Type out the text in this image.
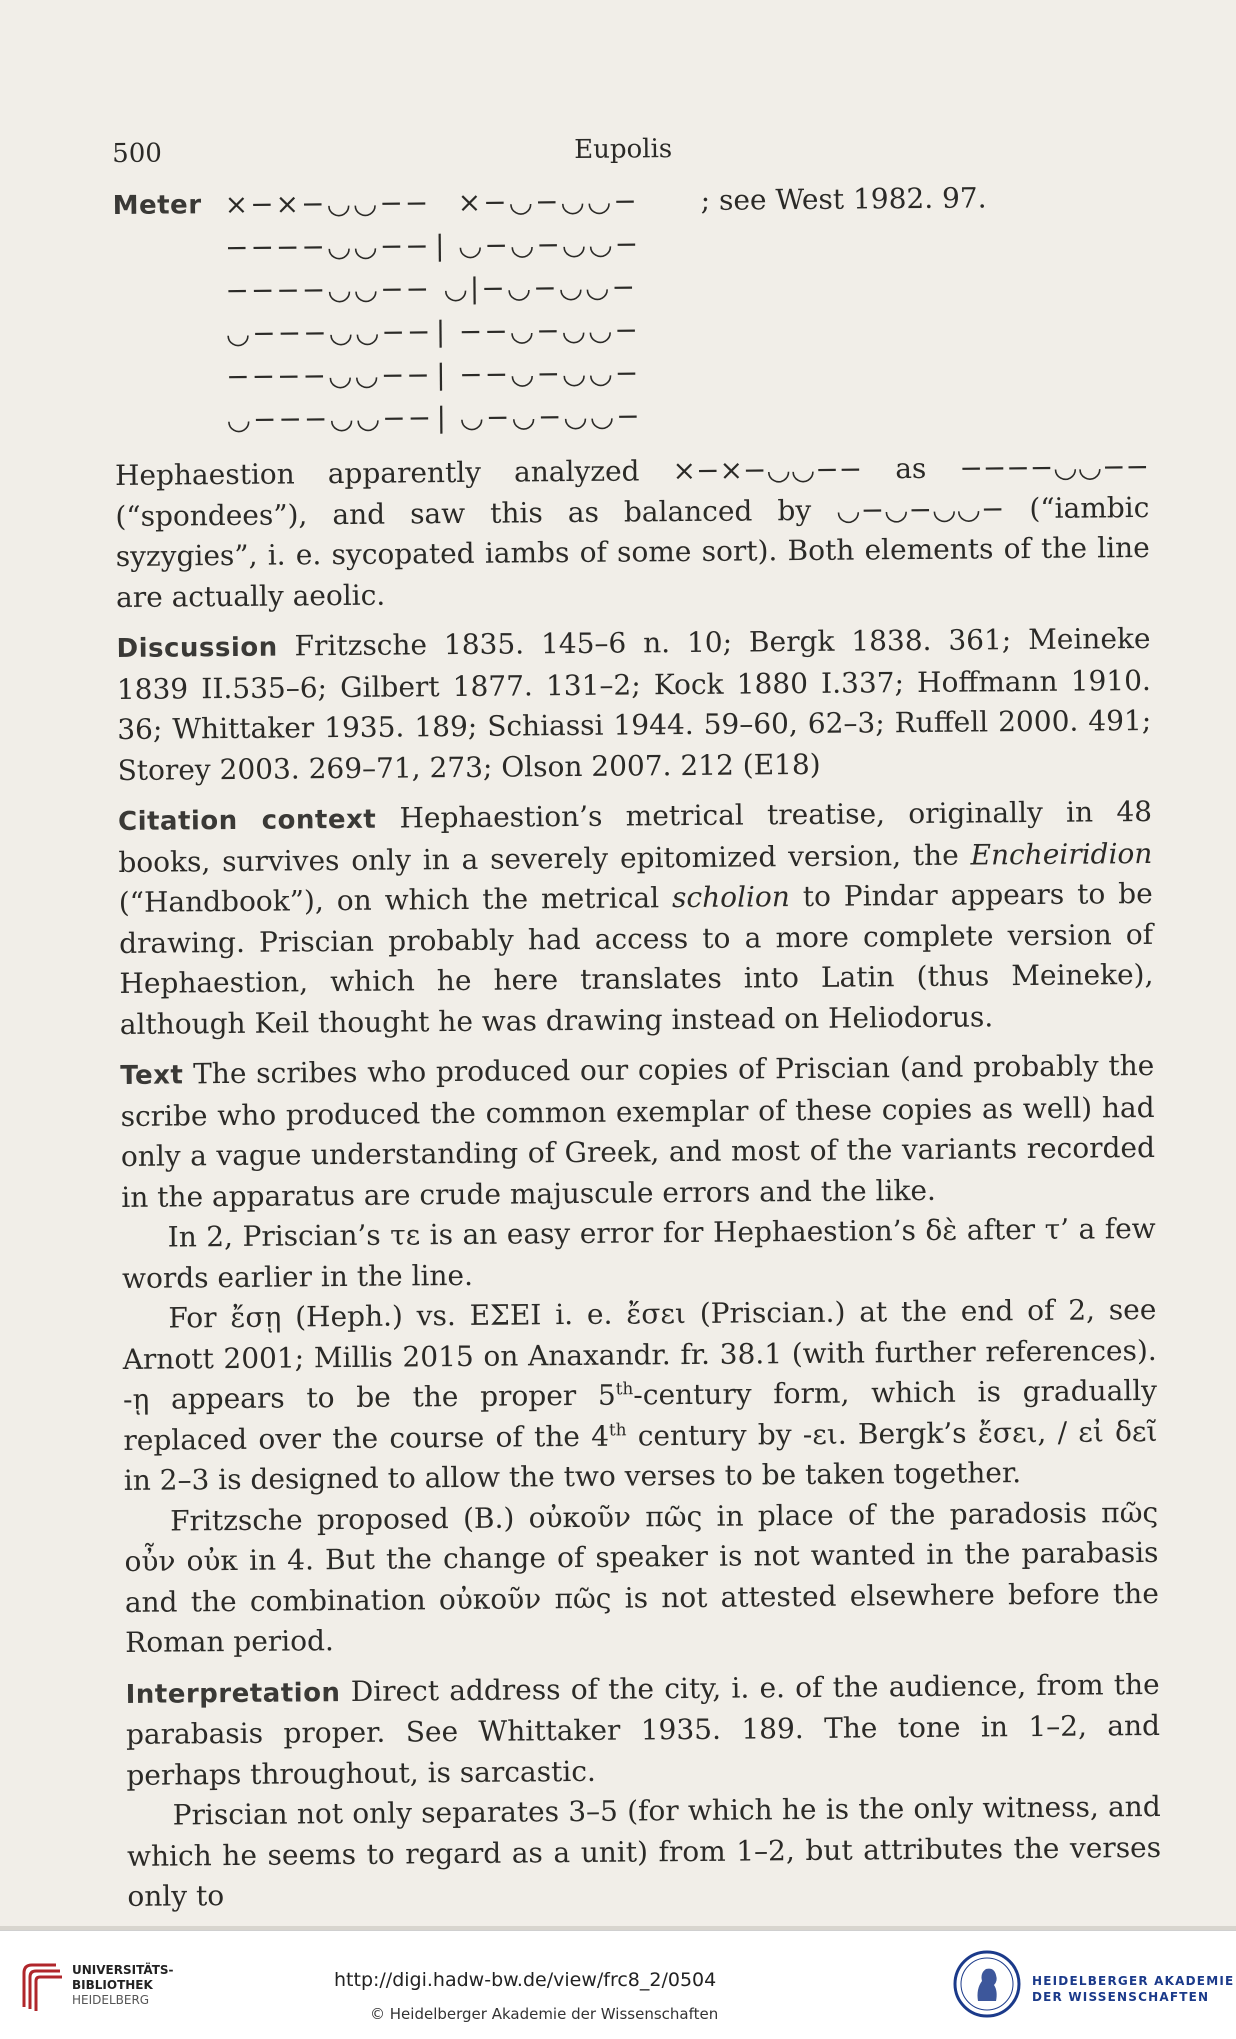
500	Eupolis
Meter ×−×−◡◡−− ×−◡−◡◡− ; see West 1982. 97.
−−−−◡◡−− | ◡−◡−◡◡−
−−−−◡◡−− ◡|−◡−◡◡−
◡−−−◡◡−− | −−◡−◡◡−
−−−−◡◡−− | −−◡−◡◡−
◡−−−◡◡−− | ◡−◡−◡◡−

Hephaestion apparently analyzed ×−×−◡◡−− as −−−−◡◡−− (“spondees”), and saw this as balanced by ◡−◡−◡◡− (“iambic syzygies”, i. e. sycopated iambs of some sort). Both elements of the line are actually aeolic.

Discussion Fritzsche 1835. 145–6 n. 10; Bergk 1838. 361; Meineke 1839 II.535–6; Gilbert 1877. 131–2; Kock 1880 I.337; Hoffmann 1910. 36; Whittaker 1935. 189; Schiassi 1944. 59–60, 62–3; Ruffell 2000. 491; Storey 2003. 269–71, 273; Olson 2007. 212 (E18)

Citation context Hephaestion’s metrical treatise, originally in 48 books, survives only in a severely epitomized version, the Encheiridion (“Handbook”), on which the metrical scholion to Pindar appears to be drawing. Priscian probably had access to a more complete version of Hephaestion, which he here translates into Latin (thus Meineke), although Keil thought he was drawing instead on Heliodorus.

Text The scribes who produced our copies of Priscian (and probably the scribe who produced the common exemplar of these copies as well) had only a vague understanding of Greek, and most of the variants recorded in the apparatus are crude majuscule errors and the like.

In 2, Priscian’s τε is an easy error for Hephaestion’s δὲ after τ’ a few words earlier in the line.

For ἔσῃ (Heph.) vs. ΕΣΕΙ i. e. ἔσει (Priscian.) at the end of 2, see Arnott 2001; Millis 2015 on Anaxandr. fr. 38.1 (with further references). -ῃ appears to be the proper 5th-century form, which is gradually replaced over the course of the 4th century by -ει. Bergk’s ἔσει, / εἰ δεῖ in 2–3 is designed to allow the two verses to be taken together.

Fritzsche proposed (B.) οὐκοῦν πῶς in place of the paradosis πῶς οὖν οὐκ in 4. But the change of speaker is not wanted in the parabasis and the combination οὐκοῦν πῶς is not attested elsewhere before the Roman period.

Interpretation Direct address of the city, i. e. of the audience, from the parabasis proper. See Whittaker 1935. 189. The tone in 1–2, and perhaps throughout, is sarcastic.

Priscian not only separates 3–5 (for which he is the only witness, and which he seems to regard as a unit) from 1–2, but attributes the verses only to

UNIVERSITÄTS-
BIBLIOTHEK
HEIDELBERG
http://digi.hadw-bw.de/view/frc8_2/0504
© Heidelberger Akademie der Wissenschaften
HEIDELBERGER AKADEMIE
DER WISSENSCHAFTEN
